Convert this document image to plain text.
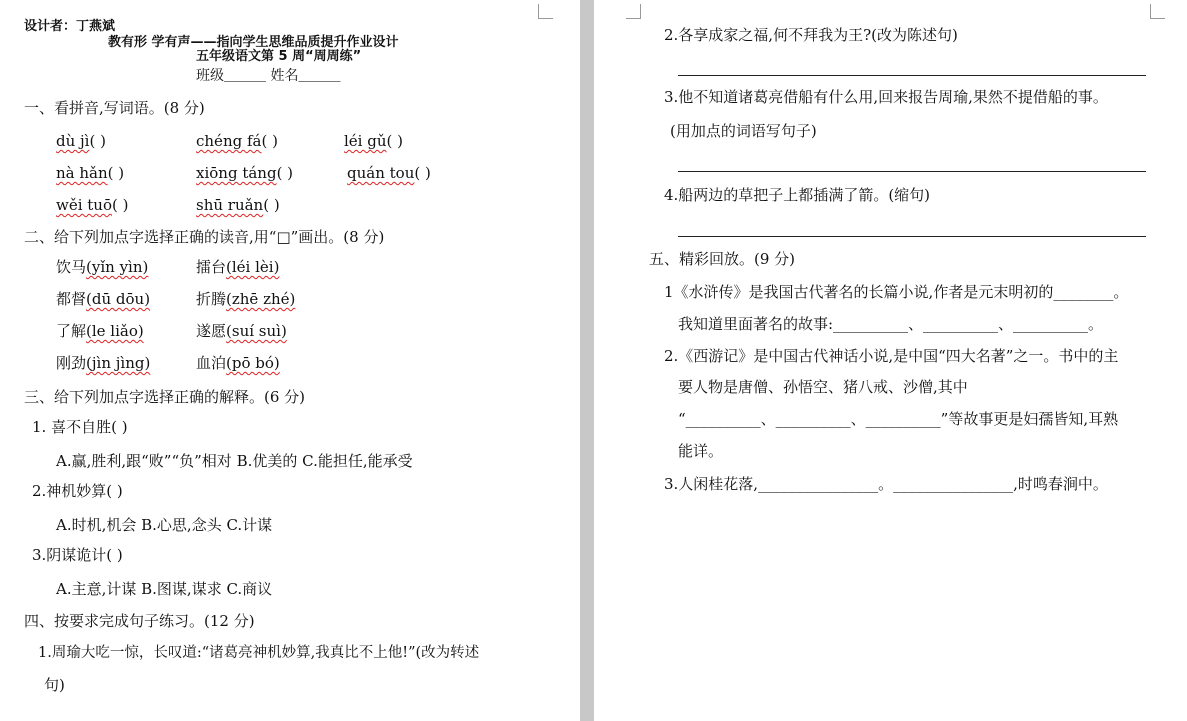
设计者：丁燕斌
教有形 学有声——指向学生思维品质提升作业设计
五年级语文第 5 周“周周练”
班级＿＿＿ 姓名＿＿＿
一、看拼音,写词语。(8 分)
dù jì( )	chéng fá( )	léi gǔ( )
nà hǎn( )	xiōng táng( )	quán tou( )
wěi tuō( )	shū ruǎn( )
二、给下列加点字选择正确的读音,用“□”画出。(8 分)
饮马(yǐn yìn)	擂台(léi lèi)
都督(dū dōu)	折腾(zhē zhé)
了解(le liǎo)	遂愿(suí suì)
刚劲(jìn jìng)	血泊(pō bó)
三、给下列加点字选择正确的解释。(6 分)
1. 喜不自胜( )
A.赢,胜利,跟“败”“负”相对 B.优美的 C.能担任,能承受
2.神机妙算( )
A.时机,机会 B.心思,念头 C.计谋
3.阴谋诡计( )
A.主意,计谋 B.图谋,谋求 C.商议
四、按要求完成句子练习。(12 分)
1.周瑜大吃一惊，长叹道:“诸葛亮神机妙算,我真比不上他!”(改为转述
句)
2.各享成家之福,何不拜我为王?(改为陈述句)
3.他不知道诸葛亮借船有什么用,回来报告周瑜,果然不提借船的事。
(用加点的词语写句子)
4.船两边的草把子上都插满了箭。(缩句)
五、精彩回放。(9 分)
1《水浒传》是我国古代著名的长篇小说,作者是元末明初的________。
我知道里面著名的故事:__________、__________、__________。
2.《西游记》是中国古代神话小说,是中国“四大名著”之一。书中的主
要人物是唐僧、孙悟空、猪八戒、沙僧,其中
“__________、__________、__________”等故事更是妇孺皆知,耳熟
能详。
3.人闲桂花落,________________。________________,时鸣春涧中。
